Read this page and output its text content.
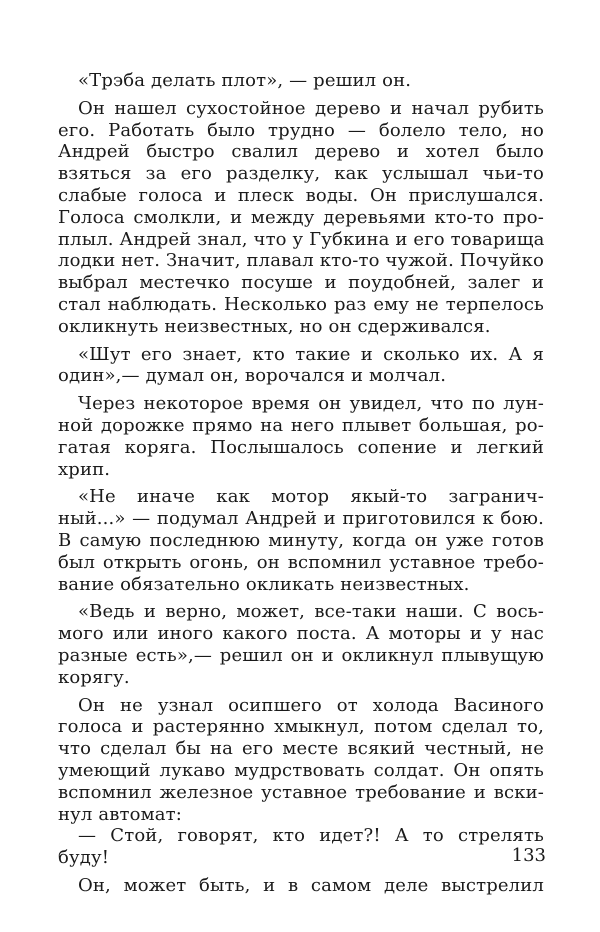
«Трэба делать плот», — решил он.

Он нашел сухостойное дерево и начал рубить
его. Работать было трудно — болело тело, но
Андрей быстро свалил дерево и хотел было
взяться за его разделку, как услышал чьи-то
слабые голоса и плеск воды. Он прислушался.
Голоса смолкли, и между деревьями кто-то про-
плыл. Андрей знал, что у Губкина и его товарища
лодки нет. Значит, плавал кто-то чужой. Почуйко
выбрал местечко посуше и поудобней, залег и
стал наблюдать. Несколько раз ему не терпелось
окликнуть неизвестных, но он сдерживался.

«Шут его знает, кто такие и сколько их. А я
один»,— думал он, ворочался и молчал.

Через некоторое время он увидел, что по лун-
ной дорожке прямо на него плывет большая, ро-
гатая коряга. Послышалось сопение и легкий
хрип.

«Не иначе как мотор якый-то загранич-
ный...» — подумал Андрей и приготовился к бою.
В самую последнюю минуту, когда он уже готов
был открыть огонь, он вспомнил уставное требо-
вание обязательно окликать неизвестных.

«Ведь и верно, может, все-таки наши. С вось-
мого или иного какого поста. А моторы и у нас
разные есть»,— решил он и окликнул плывущую
корягу.

Он не узнал осипшего от холода Васиного
голоса и растерянно хмыкнул, потом сделал то,
что сделал бы на его месте всякий честный, не
умеющий лукаво мудрствовать солдат. Он опять
вспомнил железное уставное требование и вски-
нул автомат:

— Стой, говорят, кто идет?! А то стрелять
буду!

Он, может быть, и в самом деле выстрелил

133
